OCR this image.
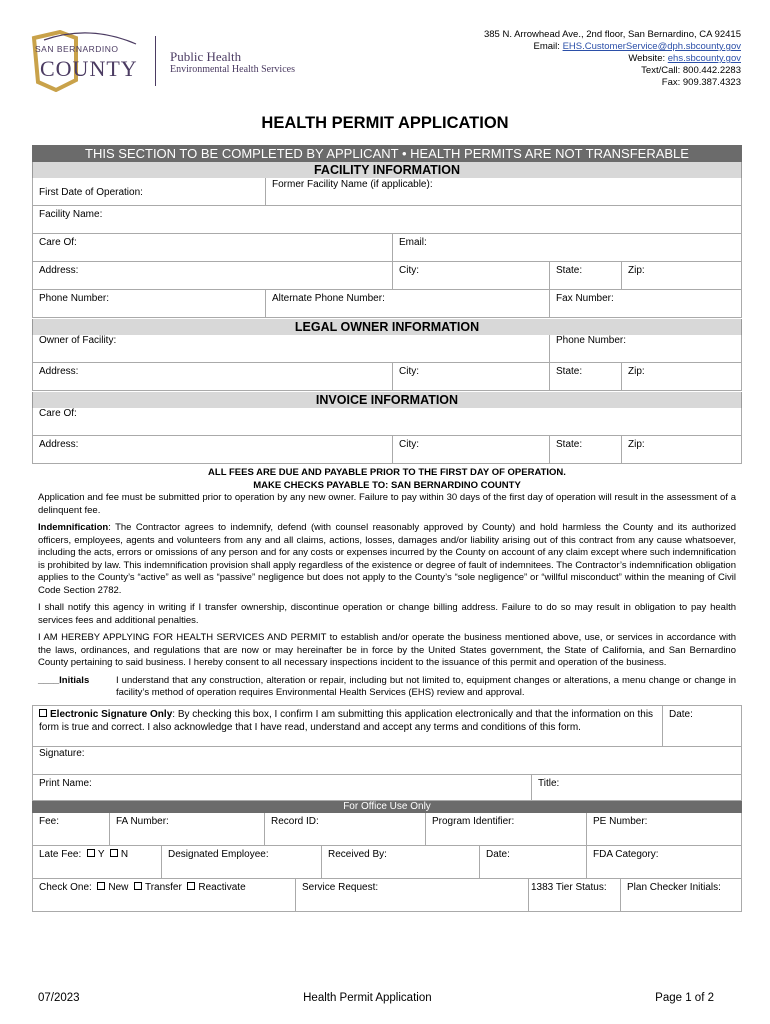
SAN BERNARDINO
COUNTY Public Health
Environmental Health Services
385 N. Arrowhead Ave., 2nd floor, San Bernardino, CA 92415
Email: EHS.CustomerService@dph.sbcounty.gov
Website: ehs.sbcounty.gov
Text/Call: 800.442.2283
Fax: 909.387.4323
HEALTH PERMIT APPLICATION
THIS SECTION TO BE COMPLETED BY APPLICANT • HEALTH PERMITS ARE NOT TRANSFERABLE
FACILITY INFORMATION
First Date of Operation:
Former Facility Name (if applicable):
Facility Name:
Care Of:	Email:
Address:	City:	State:	Zip:
Phone Number:	Alternate Phone Number:	Fax Number:
LEGAL OWNER INFORMATION
Owner of Facility:	Phone Number:
Address:	City:	State:	Zip:
INVOICE INFORMATION
Care Of:
Address:	City:	State:	Zip:
ALL FEES ARE DUE AND PAYABLE PRIOR TO THE FIRST DAY OF OPERATION.
MAKE CHECKS PAYABLE TO: SAN BERNARDINO COUNTY

Application and fee must be submitted prior to operation by any new owner. Failure to pay within 30 days of the first day of operation will result in the assessment of a delinquent fee.

Indemnification: The Contractor agrees to indemnify, defend (with counsel reasonably approved by County) and hold harmless the County and its authorized officers, employees, agents and volunteers from any and all claims, actions, losses, damages and/or liability arising out of this contract from any cause whatsoever, including the acts, errors or omissions of any person and for any costs or expenses incurred by the County on account of any claim except where such indemnification is prohibited by law. This indemnification provision shall apply regardless of the existence or degree of fault of indemnitees. The Contractor’s indemnification obligation applies to the County’s “active” as well as “passive” negligence but does not apply to the County’s “sole negligence” or “willful misconduct” within the meaning of Civil Code Section 2782.

I shall notify this agency in writing if I transfer ownership, discontinue operation or change billing address. Failure to do so may result in obligation to pay health services fees and additional penalties.

I AM HEREBY APPLYING FOR HEALTH SERVICES AND PERMIT to establish and/or operate the business mentioned above, use, or services in accordance with the laws, ordinances, and regulations that are now or may hereinafter be in force by the United States government, the State of California, and San Bernardino County pertaining to said business. I hereby consent to all necessary inspections incident to the issuance of this permit and operation of the business.

____Initials	I understand that any construction, alteration or repair, including but not limited to, equipment changes or alterations, a menu change or change in facility’s method of operation requires Environmental Health Services (EHS) review and approval.
Electronic Signature Only: By checking this box, I confirm I am submitting this application electronically and that the information on this form is true and correct. I also acknowledge that I have read, understand and accept any terms and conditions of this form.
Date:
Signature:
Print Name:	Title:
For Office Use Only
Fee:	FA Number:	Record ID:	Program Identifier:	PE Number:
Late Fee: Y N	Designated Employee:	Received By:	Date:	FDA Category:
Check One: New Transfer Reactivate	Service Request:	1383 Tier Status:	Plan Checker Initials:
07/2023	Health Permit Application	Page 1 of 2
